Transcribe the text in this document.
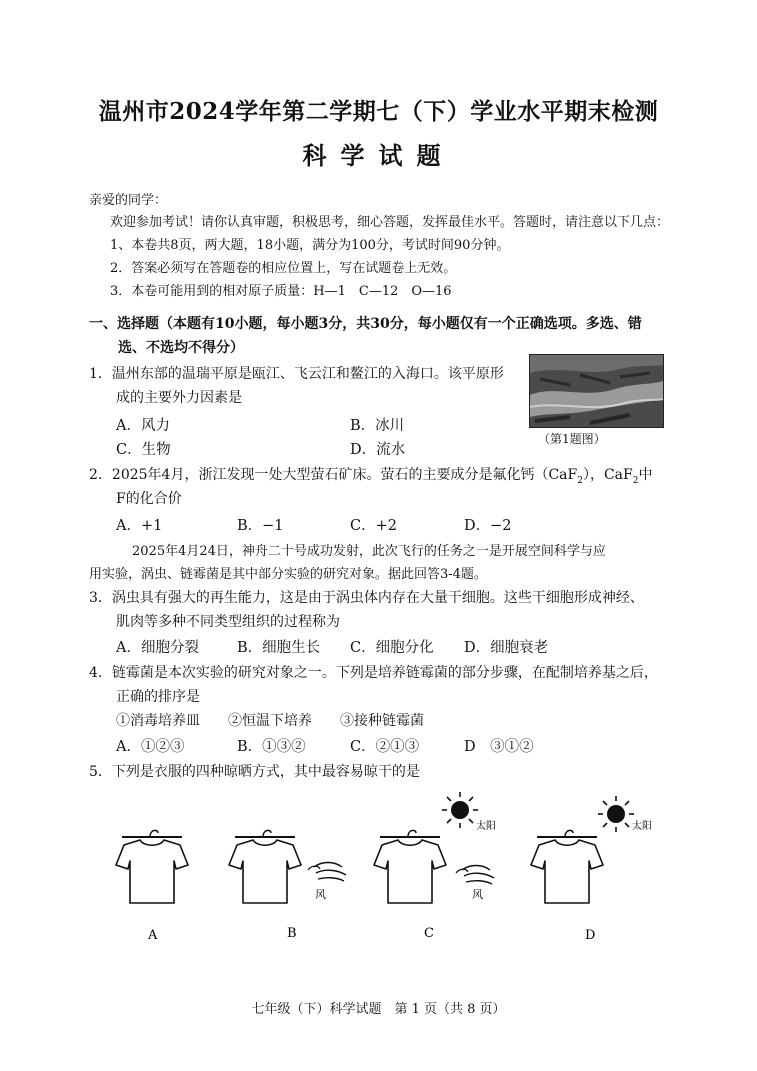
温州市2024学年第二学期七（下）学业水平期末检测
科学试题
亲爱的同学：
欢迎参加考试！请你认真审题，积极思考，细心答题，发挥最佳水平。答题时，请注意以下几点：
1、本卷共8页，两大题，18小题，满分为100分，考试时间90分钟。
2．答案必须写在答题卷的相应位置上，写在试题卷上无效。
3．本卷可能用到的相对原子质量：H—1　C—12　O—16
一、选择题（本题有10小题，每小题3分，共30分，每小题仅有一个正确选项。多选、错
选、不选均不得分）
1．温州东部的温瑞平原是瓯江、飞云江和鳌江的入海口。该平原形
成的主要外力因素是
A．风力	B．冰川
C．生物	D．流水
（第1题图）
2．2025年4月，浙江发现一处大型萤石矿床。萤石的主要成分是氟化钙（CaF$_2$），CaF$_2$中
F的化合价
A．+1	B．−1	C．+2	D．−2
2025年4月24日，神舟二十号成功发射，此次飞行的任务之一是开展空间科学与应
用实验，涡虫、链霉菌是其中部分实验的研究对象。据此回答3-4题。
3．涡虫具有强大的再生能力，这是由于涡虫体内存在大量干细胞。这些干细胞形成神经、
肌肉等多种不同类型组织的过程称为
A．细胞分裂	B．细胞生长 C．细胞分化 D．细胞衰老
4．链霉菌是本次实验的研究对象之一。下列是培养链霉菌的部分步骤，在配制培养基之后，
正确的排序是
①消毒培养皿　　②恒温下培养　　③接种链霉菌
A．①②③	B．①③②	C．②①③	D　③①②
5．下列是衣服的四种晾晒方式，其中最容易晾干的是
风
太阳
风
太阳
A	B	C	D
七年级（下）科学试题　第 1 页（共 8 页）
